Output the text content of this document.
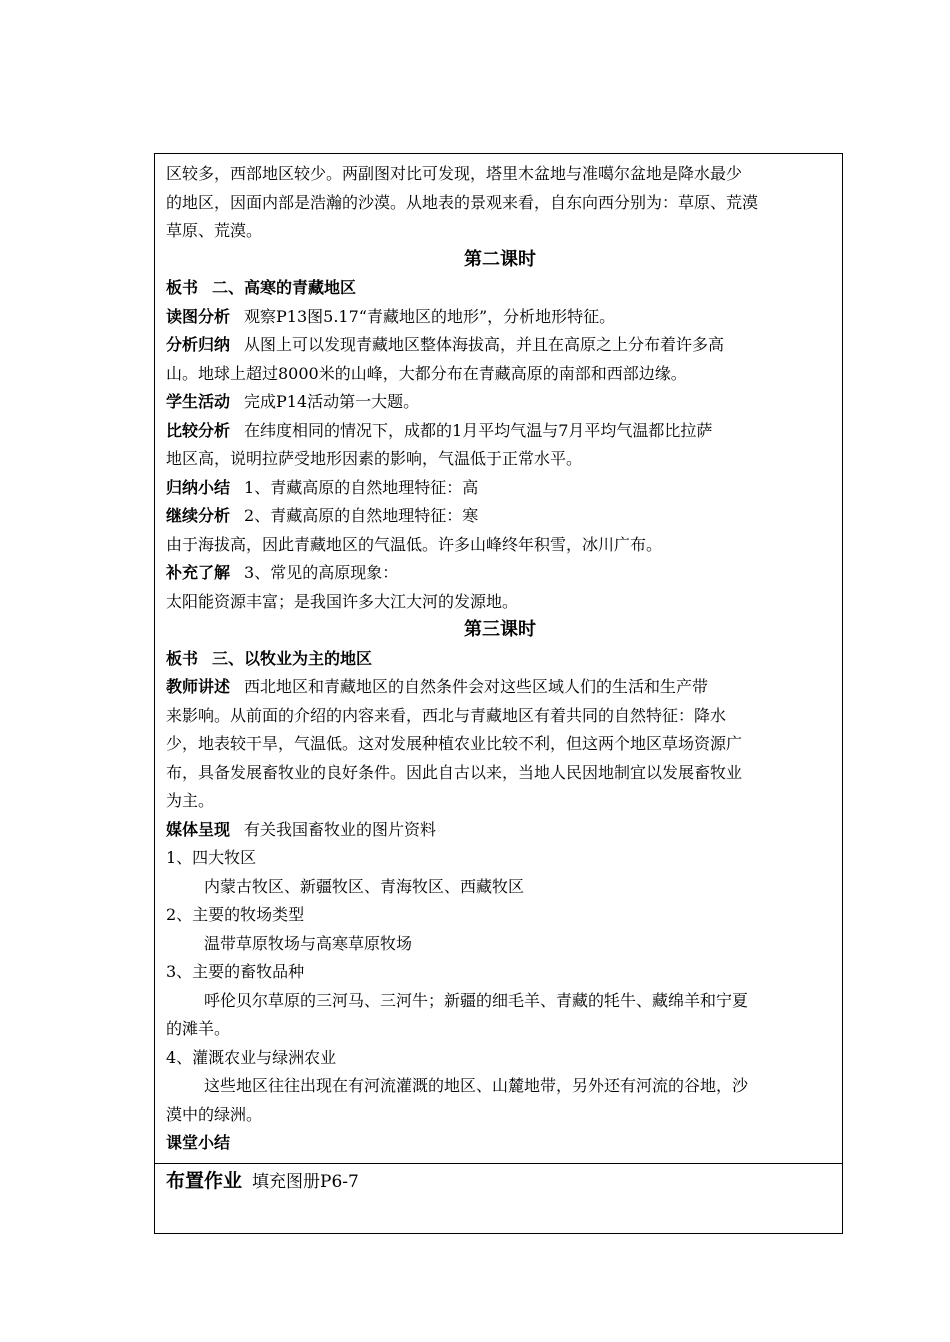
区较多，西部地区较少。两副图对比可发现，塔里木盆地与准噶尔盆地是降水最少

的地区，因面内部是浩瀚的沙漠。从地表的景观来看，自东向西分别为：草原、荒漠

草原、荒漠。

第二课时

板书 二、高寒的青藏地区

读图分析 观察P13图5.17“青藏地区的地形”，分析地形特征。

分析归纳 从图上可以发现青藏地区整体海拔高，并且在高原之上分布着许多高

山。地球上超过8000米的山峰，大都分布在青藏高原的南部和西部边缘。

学生活动 完成P14活动第一大题。

比较分析 在纬度相同的情况下，成都的1月平均气温与7月平均气温都比拉萨

地区高，说明拉萨受地形因素的影响，气温低于正常水平。

归纳小结 1、青藏高原的自然地理特征：高

继续分析 2、青藏高原的自然地理特征：寒

由于海拔高，因此青藏地区的气温低。许多山峰终年积雪，冰川广布。

补充了解 3、常见的高原现象：

太阳能资源丰富；是我国许多大江大河的发源地。

第三课时

板书 三、以牧业为主的地区

教师讲述 西北地区和青藏地区的自然条件会对这些区域人们的生活和生产带

来影响。从前面的介绍的内容来看，西北与青藏地区有着共同的自然特征：降水

少，地表较干旱，气温低。这对发展种植农业比较不利，但这两个地区草场资源广

布，具备发展畜牧业的良好条件。因此自古以来，当地人民因地制宜以发展畜牧业

为主。

媒体呈现 有关我国畜牧业的图片资料

1、四大牧区

内蒙古牧区、新疆牧区、青海牧区、西藏牧区

2、主要的牧场类型

温带草原牧场与高寒草原牧场

3、主要的畜牧品种

呼伦贝尔草原的三河马、三河牛；新疆的细毛羊、青藏的牦牛、藏绵羊和宁夏

的滩羊。

4、灌溉农业与绿洲农业

这些地区往往出现在有河流灌溉的地区、山麓地带，另外还有河流的谷地，沙

漠中的绿洲。

课堂小结

布置作业 填充图册P6-7
